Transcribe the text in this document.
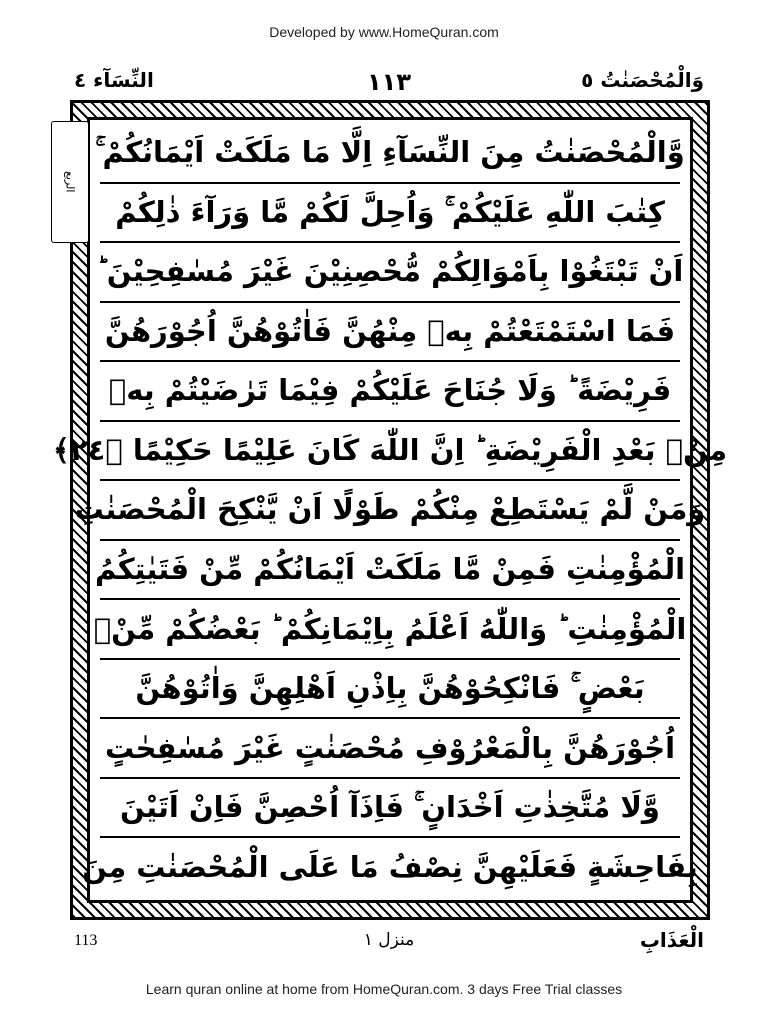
Developed by www.HomeQuran.com
وَالْمُحْصَنٰتُ ٥
١١٣
النِّسَآء ٤
وَّالْمُحْصَنٰتُ مِنَ النِّسَآءِ اِلَّا مَا مَلَكَتْ اَيْمَانُكُمْ ۚ
كِتٰبَ اللّٰهِ عَلَيْكُمْ ۚ وَاُحِلَّ لَكُمْ مَّا وَرَآءَ ذٰلِكُمْ
اَنْ تَبْتَغُوْا بِاَمْوَالِكُمْ مُّحْصِنِيْنَ غَيْرَ مُسٰفِحِيْنَ ؕ
فَمَا اسْتَمْتَعْتُمْ بِهٖ مِنْهُنَّ فَاٰتُوْهُنَّ اُجُوْرَهُنَّ
فَرِيْضَةً ؕ وَلَا جُنَاحَ عَلَيْكُمْ فِيْمَا تَرٰضَيْتُمْ بِهٖ
مِنْۢ بَعْدِ الْفَرِيْضَةِ ؕ اِنَّ اللّٰهَ كَانَ عَلِيْمًا حَكِيْمًا ﴿٢٤﴾
وَمَنْ لَّمْ يَسْتَطِعْ مِنْكُمْ طَوْلًا اَنْ يَّنْكِحَ الْمُحْصَنٰتِ
الْمُؤْمِنٰتِ فَمِنْ مَّا مَلَكَتْ اَيْمَانُكُمْ مِّنْ فَتَيٰتِكُمُ
الْمُؤْمِنٰتِ ؕ وَاللّٰهُ اَعْلَمُ بِاِيْمَانِكُمْ ؕ بَعْضُكُمْ مِّنْۢ
بَعْضٍ ۚ فَانْكِحُوْهُنَّ بِاِذْنِ اَهْلِهِنَّ وَاٰتُوْهُنَّ
اُجُوْرَهُنَّ بِالْمَعْرُوْفِ مُحْصَنٰتٍ غَيْرَ مُسٰفِحٰتٍ
وَّلَا مُتَّخِذٰتِ اَخْدَانٍ ۚ فَاِذَآ اُحْصِنَّ فَاِنْ اَتَيْنَ
بِفَاحِشَةٍ فَعَلَيْهِنَّ نِصْفُ مَا عَلَى الْمُحْصَنٰتِ مِنَ
الربع
الْعَذَابِ
منزل ١
113
Learn quran online at home from HomeQuran.com. 3 days Free Trial classes
